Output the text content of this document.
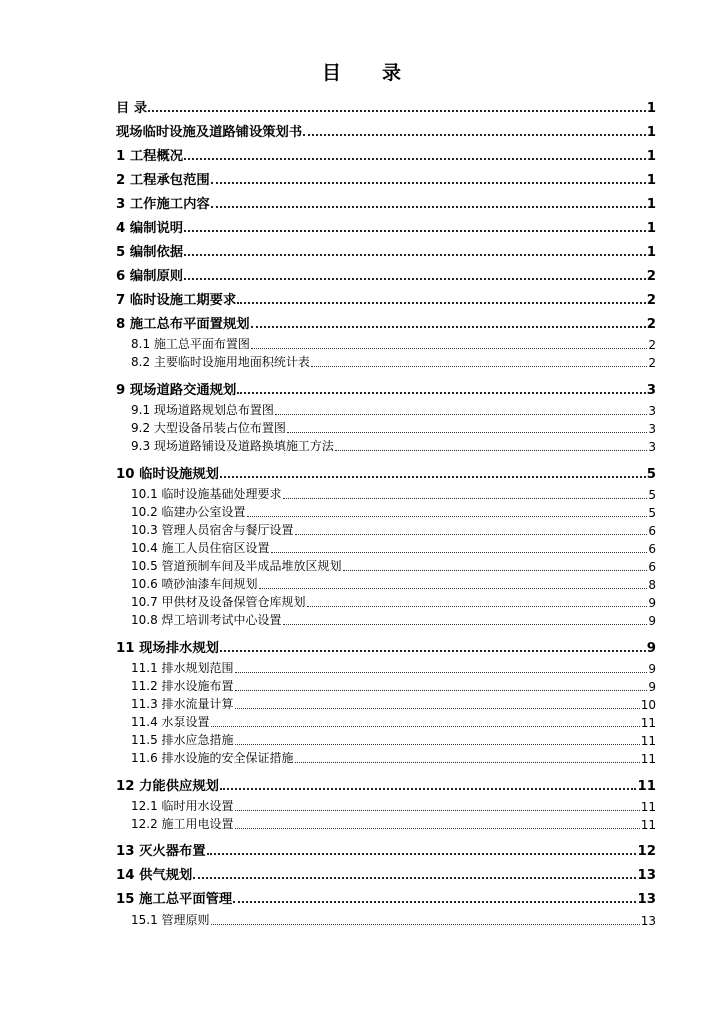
目　　录
目 录	1
现场临时设施及道路铺设策划书	1
1 工程概况	1
2 工程承包范围	1
3 工作施工内容	1
4 编制说明	1
5 编制依据	1
6 编制原则	2
7 临时设施工期要求	2
8 施工总布平面置规划	2
8.1 施工总平面布置图	2
8.2 主要临时设施用地面积统计表	2
9 现场道路交通规划	3
9.1 现场道路规划总布置图	3
9.2 大型设备吊装占位布置图	3
9.3 现场道路铺设及道路换填施工方法	3
10 临时设施规划	5
10.1 临时设施基础处理要求	5
10.2 临建办公室设置	5
10.3 管理人员宿舍与餐厅设置	6
10.4 施工人员住宿区设置	6
10.5 管道预制车间及半成品堆放区规划	6
10.6 喷砂油漆车间规划	8
10.7 甲供材及设备保管仓库规划	9
10.8 焊工培训考试中心设置	9
11 现场排水规划	9
11.1 排水规划范围	9
11.2 排水设施布置	9
11.3 排水流量计算	10
11.4 水泵设置	11
11.5 排水应急措施	11
11.6 排水设施的安全保证措施	11
12 力能供应规划	11
12.1 临时用水设置	11
12.2 施工用电设置	11
13 灭火器布置	12
14 供气规划	13
15 施工总平面管理	13
15.1 管理原则	13
